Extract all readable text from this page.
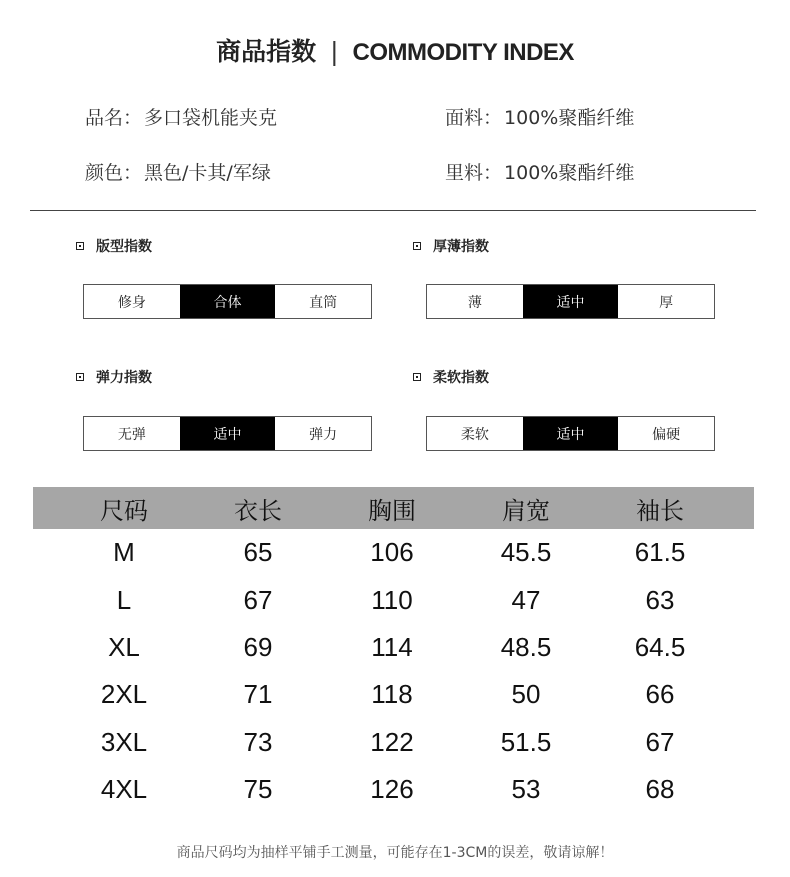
商品指数 | COMMODITY INDEX
品名： 多口袋机能夹克	面料： 100%聚酯纤维
颜色： 黑色/卡其/军绿	里料： 100%聚酯纤维
版型指数
修身	合体	直筒
厚薄指数
薄	适中	厚
弹力指数
无弹	适中	弹力
柔软指数
柔软	适中	偏硬
尺码	衣长	胸围	肩宽	袖长
M	65	106	45.5	61.5
L	67	110	47	63
XL	69	114	48.5	64.5
2XL	71	118	50	66
3XL	73	122	51.5	67
4XL	75	126	53	68
商品尺码均为抽样平铺手工测量，可能存在1-3CM的误差，敬请谅解！
